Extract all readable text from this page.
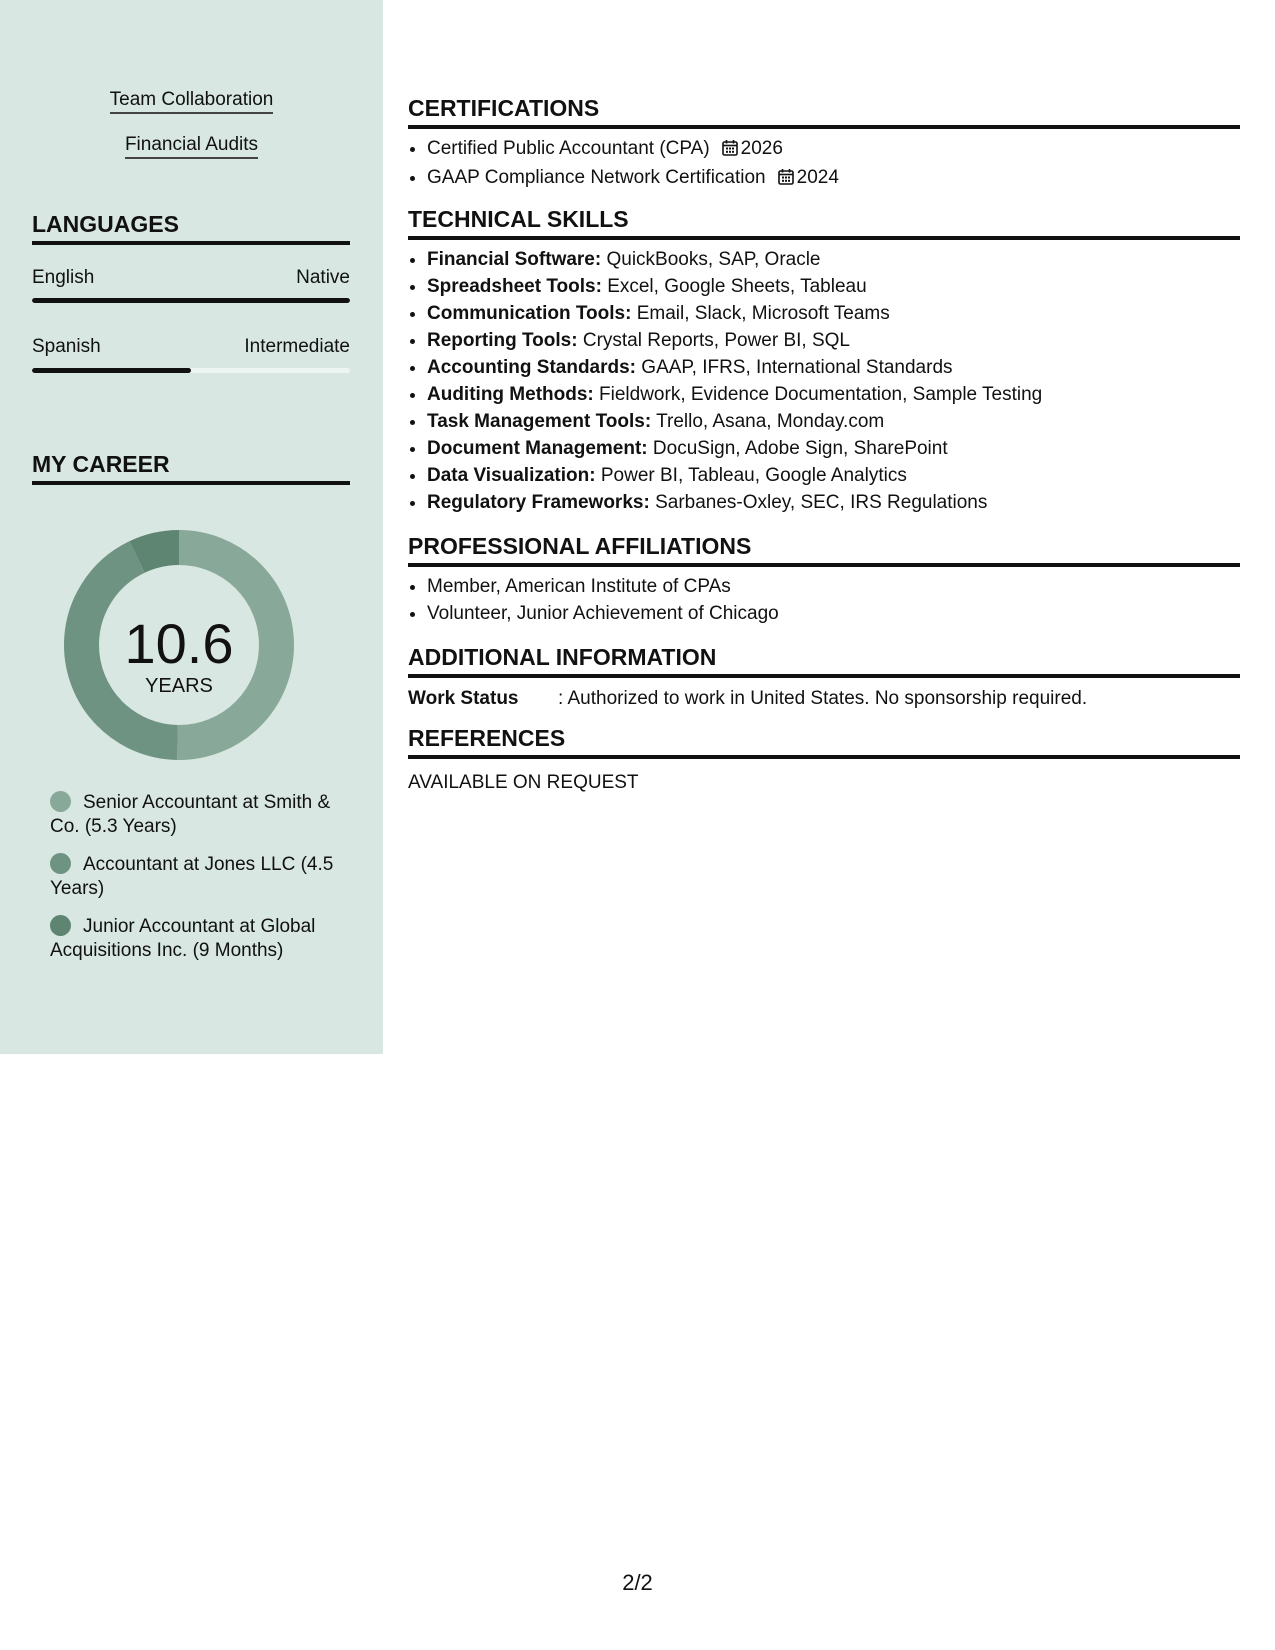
Team Collaboration
Financial Audits
LANGUAGES
English	Native
Spanish	Intermediate
MY CAREER
10.6
YEARS
Senior Accountant at Smith & Co. (5.3 Years)
Accountant at Jones LLC (4.5 Years)
Junior Accountant at Global Acquisitions Inc. (9 Months)
CERTIFICATIONS
• Certified Public Accountant (CPA) 2026
• GAAP Compliance Network Certification 2024
TECHNICAL SKILLS
• Financial Software: QuickBooks, SAP, Oracle
• Spreadsheet Tools: Excel, Google Sheets, Tableau
• Communication Tools: Email, Slack, Microsoft Teams
• Reporting Tools: Crystal Reports, Power BI, SQL
• Accounting Standards: GAAP, IFRS, International Standards
• Auditing Methods: Fieldwork, Evidence Documentation, Sample Testing
• Task Management Tools: Trello, Asana, Monday.com
• Document Management: DocuSign, Adobe Sign, SharePoint
• Data Visualization: Power BI, Tableau, Google Analytics
• Regulatory Frameworks: Sarbanes-Oxley, SEC, IRS Regulations
PROFESSIONAL AFFILIATIONS
• Member, American Institute of CPAs
• Volunteer, Junior Achievement of Chicago
ADDITIONAL INFORMATION
Work Status : Authorized to work in United States. No sponsorship required.
REFERENCES
AVAILABLE ON REQUEST
2/2
